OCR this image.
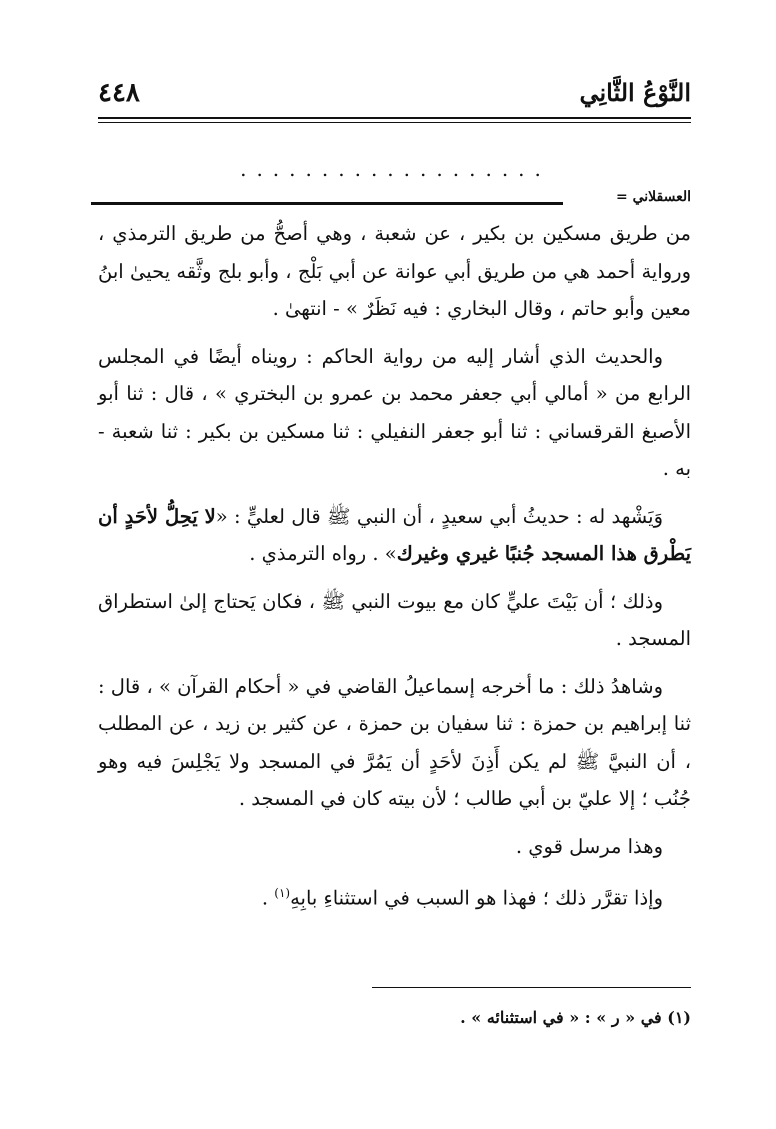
النَّوْعُ الثَّانِي
٤٤٨
...................
العسقلاني =

من طريق مسكين بن بكير ، عن شعبة ، وهي أصحُّ من طريق الترمذي ، ورواية أحمد هي من طريق أبي عوانة عن أبي بَلْج ، وأبو بلج وثَّقه يحيىٰ ابنُ معين وأبو حاتم ، وقال البخاري : فيه نَظَرٌ » - انتهىٰ .

والحديث الذي أشار إليه من رواية الحاكم : رويناه أيضًا في المجلس الرابع من « أمالي أبي جعفر محمد بن عمرو بن البختري » ، قال : ثنا أبو الأصبغ القرقساني : ثنا أبو جعفر النفيلي : ثنا مسكين بن بكير : ثنا شعبة - به .

وَيَشْهد له : حديثُ أبي سعيدٍ ، أن النبي ﷺ قال لعليٍّ : «لا يَحِلُّ لأحَدٍ أن يَطْرق هذا المسجد جُنبًا غيري وغيرك» . رواه الترمذي .

وذلك ؛ أن بَيْتَ عليٍّ كان مع بيوت النبي ﷺ ، فكان يَحتاج إلىٰ استطراق المسجد .

وشاهدُ ذلك : ما أخرجه إسماعيلُ القاضي في « أحكام القرآن » ، قال : ثنا إبراهيم بن حمزة : ثنا سفيان بن حمزة ، عن كثير بن زيد ، عن المطلب ، أن النبيَّ ﷺ لم يكن أَذِنَ لأحَدٍ أن يَمُرَّ في المسجد ولا يَجْلِسَ فيه وهو جُنُب ؛ إلا عليّ بن أبي طالب ؛ لأن بيته كان في المسجد .

وهذا مرسل قوي .

وإذا تقرَّر ذلك ؛ فهذا هو السبب في استثناءِ بابِهِ$^{(١)}$ .

(١) في « ر » : « في استثنائه » .
